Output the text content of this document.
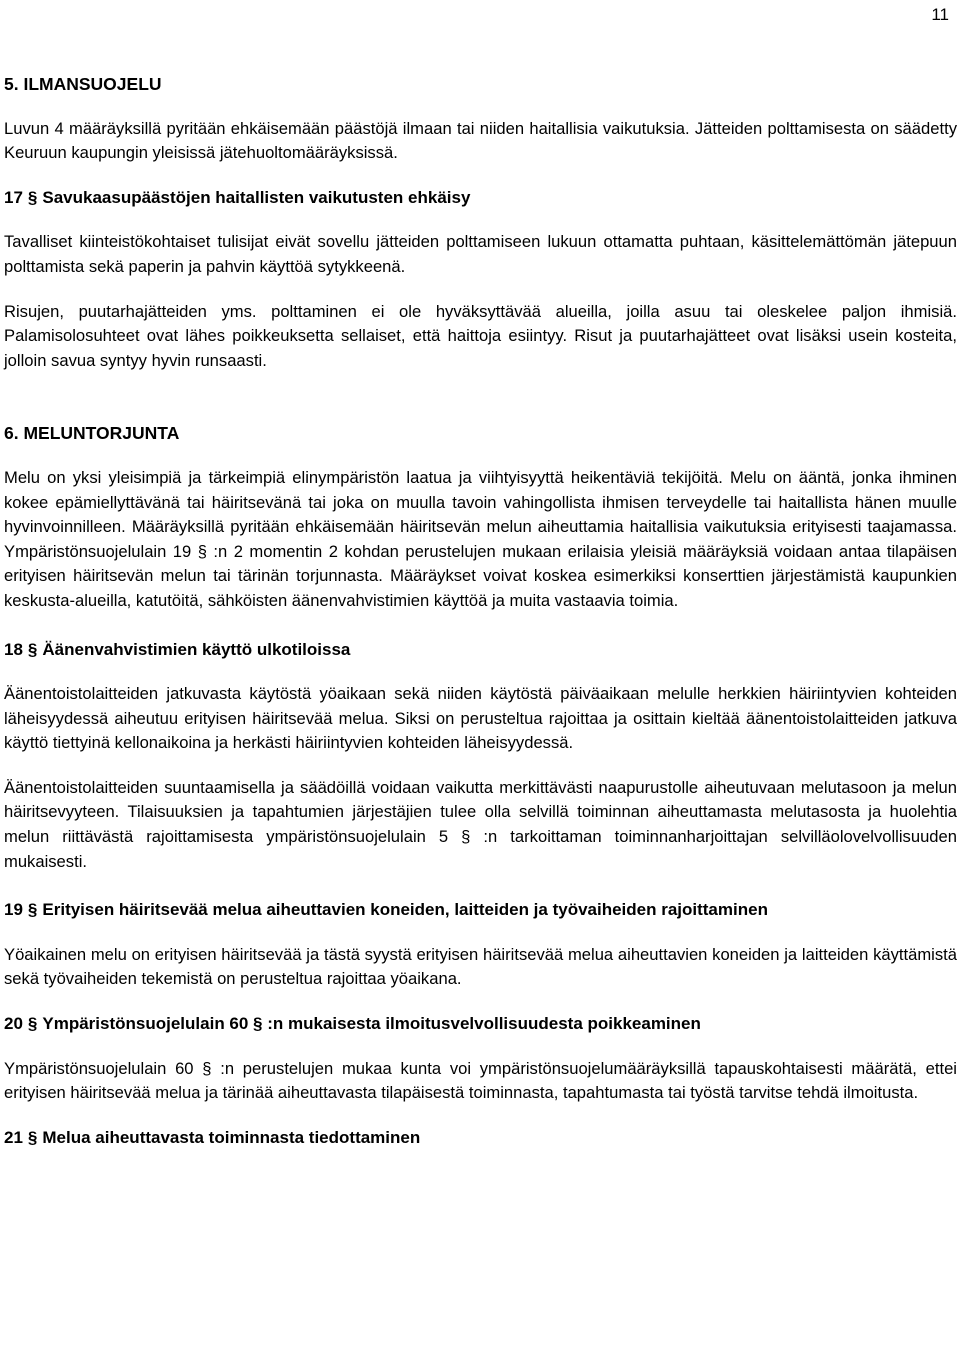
11
5. ILMANSUOJELU

Luvun 4 määräyksillä pyritään ehkäisemään päästöjä ilmaan tai niiden haitallisia vaikutuksia. Jätteiden polttamisesta on säädetty Keuruun kaupungin yleisissä jätehuoltomääräyksissä.

17 § Savukaasupäästöjen haitallisten vaikutusten ehkäisy

Tavalliset kiinteistökohtaiset tulisijat eivät sovellu jätteiden polttamiseen lukuun ottamatta puhtaan, käsittelemättömän jätepuun polttamista sekä paperin ja pahvin käyttöä sytykkeenä.

Risujen, puutarhajätteiden yms. polttaminen ei ole hyväksyttävää alueilla, joilla asuu tai oleskelee paljon ihmisiä. Palamisolosuhteet ovat lähes poikkeuksetta sellaiset, että haittoja esiintyy. Risut ja puutarhajätteet ovat lisäksi usein kosteita, jolloin savua syntyy hyvin runsaasti.

6. MELUNTORJUNTA

Melu on yksi yleisimpiä ja tärkeimpiä elinympäristön laatua ja viihtyisyyttä heikentäviä tekijöitä. Melu on ääntä, jonka ihminen kokee epämiellyttävänä tai häiritsevänä tai joka on muulla tavoin vahingollista ihmisen terveydelle tai haitallista hänen muulle hyvinvoinnilleen. Määräyksillä pyritään ehkäisemään häiritsevän melun aiheuttamia haitallisia vaikutuksia erityisesti taajamassa. Ympäristönsuojelulain 19 § :n 2 momentin 2 kohdan perustelujen mukaan erilaisia yleisiä määräyksiä voidaan antaa tilapäisen erityisen häiritsevän melun tai tärinän torjunnasta. Määräykset voivat koskea esimerkiksi konserttien järjestämistä kaupunkien keskusta-alueilla, katutöitä, sähköisten äänenvahvistimien käyttöä ja muita vastaavia toimia.

18 § Äänenvahvistimien käyttö ulkotiloissa

Äänentoistolaitteiden jatkuvasta käytöstä yöaikaan sekä niiden käytöstä päiväaikaan melulle herkkien häiriintyvien kohteiden läheisyydessä aiheutuu erityisen häiritsevää melua. Siksi on perusteltua rajoittaa ja osittain kieltää äänentoistolaitteiden jatkuva käyttö tiettyinä kellonaikoina ja herkästi häiriintyvien kohteiden läheisyydessä.

Äänentoistolaitteiden suuntaamisella ja säädöillä voidaan vaikutta merkittävästi naapurustolle aiheutuvaan melutasoon ja melun häiritsevyyteen. Tilaisuuksien ja tapahtumien järjestäjien tulee olla selvillä toiminnan aiheuttamasta melutasosta ja huolehtia melun riittävästä rajoittamisesta ympäristönsuojelulain 5 § :n tarkoittaman toiminnanharjoittajan selvilläolovelvollisuuden mukaisesti.

19 § Erityisen häiritsevää melua aiheuttavien koneiden, laitteiden ja työvaiheiden rajoittaminen

Yöaikainen melu on erityisen häiritsevää ja tästä syystä erityisen häiritsevää melua aiheuttavien koneiden ja laitteiden käyttämistä sekä työvaiheiden tekemistä on perusteltua rajoittaa yöaikana.

20 § Ympäristönsuojelulain 60 § :n mukaisesta ilmoitusvelvollisuudesta poikkeaminen

Ympäristönsuojelulain 60 § :n perustelujen mukaa kunta voi ympäristönsuojelumääräyksillä tapauskohtaisesti määrätä, ettei erityisen häiritsevää melua ja tärinää aiheuttavasta tilapäisestä toiminnasta, tapahtumasta tai työstä tarvitse tehdä ilmoitusta.

21 § Melua aiheuttavasta toiminnasta tiedottaminen
